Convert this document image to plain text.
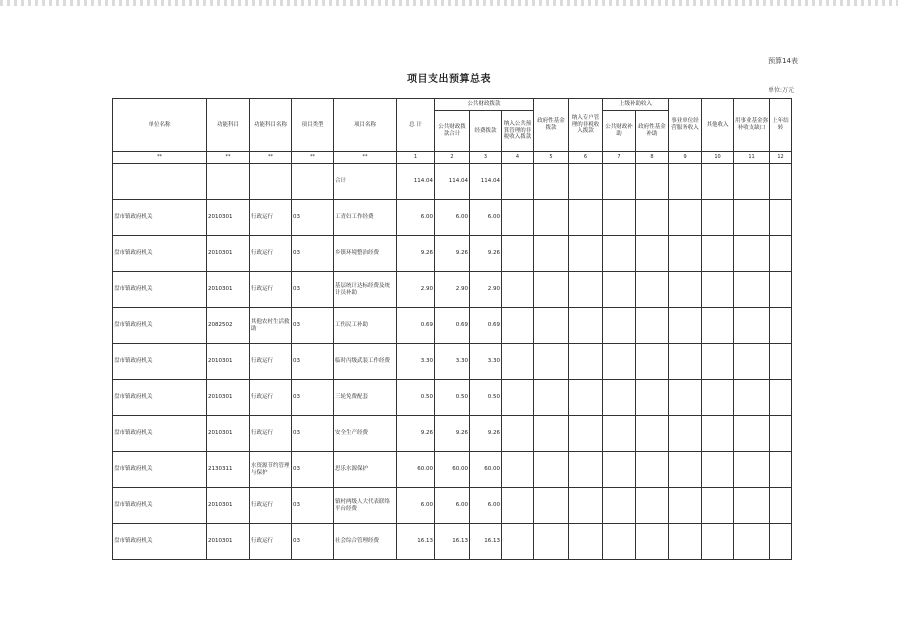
预算14表
项目支出预算总表
单位:万元
单位名称	功能科目	功能科目名称	项目类型	项目名称	总 计	公共财政拨款			政府性基金拨款	纳入专户管理的非税收入拨款	上级补助收入		事业单位经营服务收入	其他收入	用事业基金弥补收支缺口	上年结转
						公共财政拨款合计	经费拨款	纳入公共预算管理的非税收入拨款			公共财政补助	政府性基金补助				
**	**	**	**	**	1	2	3	4	5	6	7	8	9	10	11	12
				合计	114.04	114.04	114.04									
盘市镇政府机关	2010301	行政运行	03	工青妇工作经费	6.00	6.00	6.00									
盘市镇政府机关	2010301	行政运行	03	乡镇环境整治经费	9.26	9.26	9.26									
盘市镇政府机关	2010301	行政运行	03	基层统计达标经费及统计员补助	2.90	2.90	2.90									
盘市镇政府机关	2082502	其他农村生活救助	03	工伤民工补助	0.69	0.69	0.69									
盘市镇政府机关	2010301	行政运行	03	临时丙级武装工作经费	3.30	3.30	3.30									
盘市镇政府机关	2010301	行政运行	03	三轮免费配套	0.50	0.50	0.50									
盘市镇政府机关	2010301	行政运行	03	安全生产经费	9.26	9.26	9.26									
盘市镇政府机关	2130311	水资源节约管理与保护	03	思乐水源保护	60.00	60.00	60.00									
盘市镇政府机关	2010301	行政运行	03	镇村两级人大代表联络平台经费	6.00	6.00	6.00									
盘市镇政府机关	2010301	行政运行	03	社会综合管理经费	16.13	16.13	16.13									
